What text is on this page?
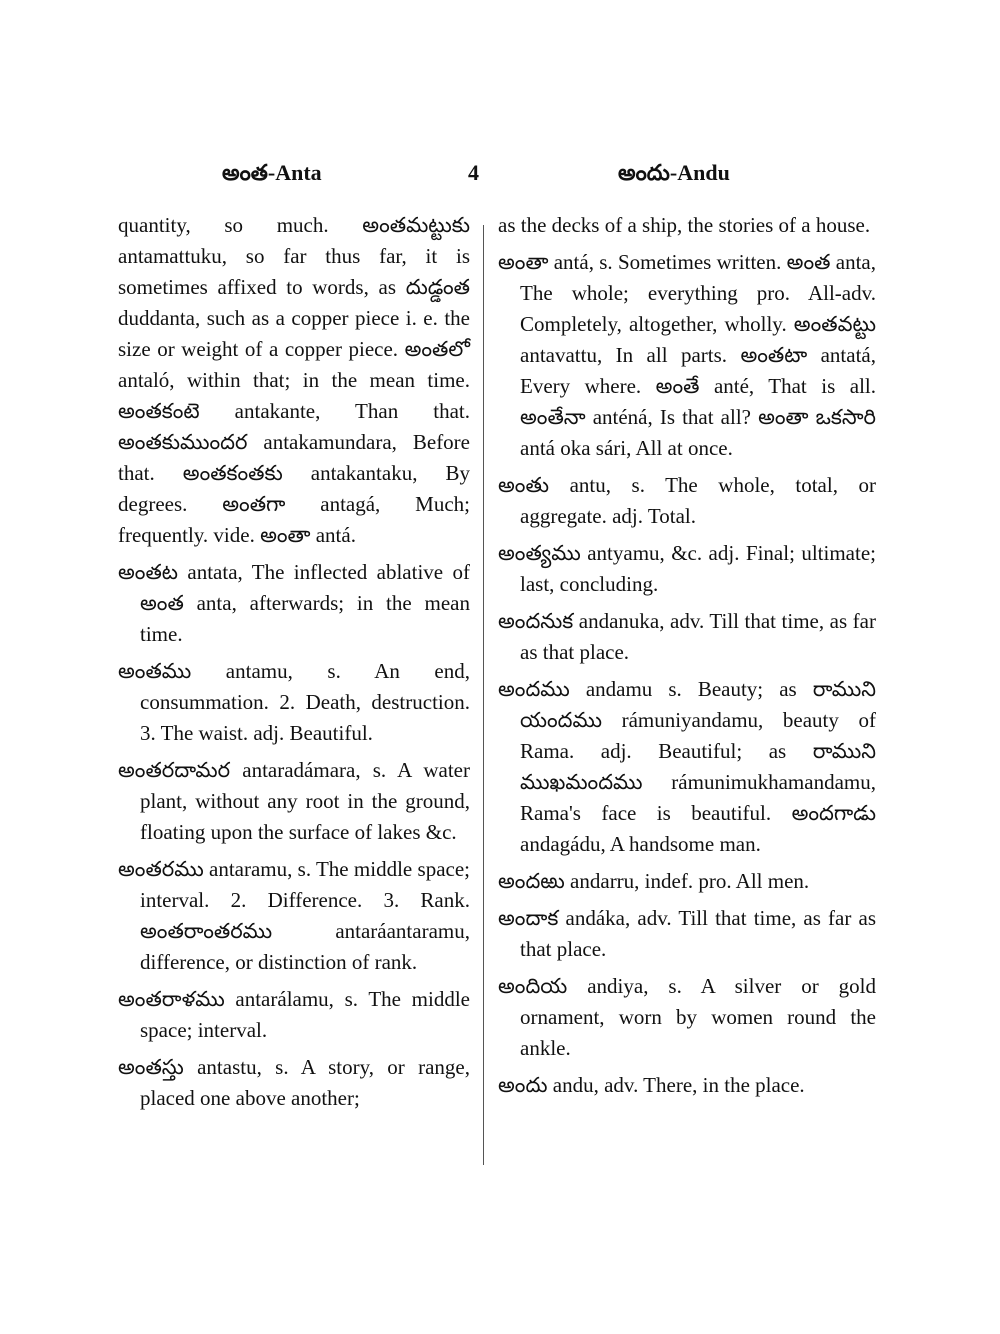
అంత-Anta	4	అందు-Andu

quantity, so much. అంతమట్టుకు antamattuku, so far thus far, it is sometimes affixed to words, as దుడ్డంత duddanta, such as a copper piece i. e. the size or weight of a copper piece. అంతలో antaló, within that; in the mean time. అంతకంటె antakante, Than that. అంతకుముందర antakamundara, Before that. అంతకంతకు antakantaku, By degrees. అంతగా antagá, Much; frequently. vide. అంతా antá.

అంతట antata, The inflected ablative of అంత anta, afterwards; in the mean time.

అంతము antamu, s. An end, consummation. 2. Death, destruction. 3. The waist. adj. Beautiful.

అంతరదామర antaradámara, s. A water plant, without any root in the ground, floating upon the surface of lakes &c.

అంతరము antaramu, s. The middle space; interval. 2. Difference. 3. Rank. అంతరాంతరము antaráantaramu, difference, or distinction of rank.

అంతరాళము antarálamu, s. The middle space; interval.

అంతస్తు antastu, s. A story, or range, placed one above another;

as the decks of a ship, the stories of a house.

అంతా antá, s. Sometimes written. అంత anta, The whole; everything pro. All-adv. Completely, altogether, wholly. అంతవట్టు antavattu, In all parts. అంతటా antatá, Every where. అంతే anté, That is all. అంతేనా anténá, Is that all? అంతా ఒకసారి antá oka sári, All at once.

అంతు antu, s. The whole, total, or aggregate. adj. Total.

అంత్యము antyamu, &c. adj. Final; ultimate; last, concluding.

అందనుక andanuka, adv. Till that time, as far as that place.

అందము andamu s. Beauty; as రాముని యందము rámuniyandamu, beauty of Rama. adj. Beautiful; as రాముని ముఖమందము rámunimukhamandamu, Rama's face is beautiful. అందగాడు andagádu, A handsome man.

అందఱు andarru, indef. pro. All men.

అందాక andáka, adv. Till that time, as far as that place.

అందియ andiya, s. A silver or gold ornament, worn by women round the ankle.

అందు andu, adv. There, in the place.
